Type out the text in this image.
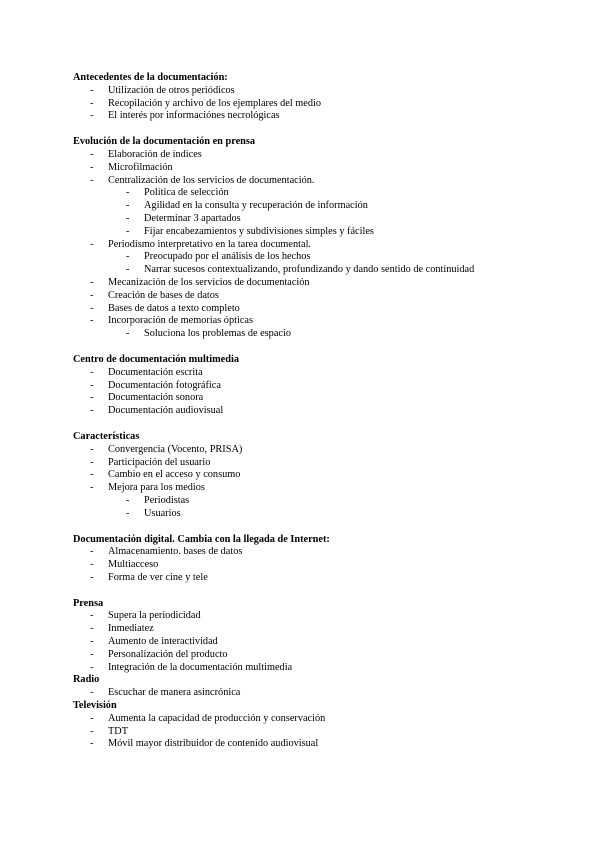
Antecedentes de la documentación:
- Utilización de otros periódicos
- Recopilación y archivo de los ejemplares del medio
- El interés por informaciónes necrológicas
Evolución de la documentación en prensa
- Elaboración de índices
- Microfilmación
- Centralización de los servicios de documentación.
- Política de selección
- Agilidad en la consulta y recuperación de información
- Determinar 3 apartados
- Fijar encabezamientos y subdivisiones simples y fáciles
- Periodismo interpretativo en la tarea documental.
- Preocupado por el análisis de los hechos
- Narrar sucesos contextualizando, profundizando y dando sentido de continuidad
- Mecanización de los servicios de documentación
- Creación de bases de datos
- Bases de datos a texto completo
- Incorporación de memorias ópticas
- Soluciona los problemas de espacio
Centro de documentación multimedia
- Documentación escrita
- Documentación fotográfica
- Documentación sonora
- Documentación audiovisual
Características
- Convergencia (Vocento, PRISA)
- Participación del usuario
- Cambio en el acceso y consumo
- Mejora para los medios
- Periodistas
- Usuarios
Documentación digital. Cambia con la llegada de Internet:
- Almacenamiento. bases de datos
- Multiacceso
- Forma de ver cine y tele
Prensa
- Supera la periodicidad
- Inmediatez
- Aumento de interactividad
- Personalización del producto
- Integración de la documentación multimedia
Radio
- Escuchar de manera asincrónica
Televisión
- Aumenta la capacidad de producción y conservación
- TDT
- Móvil mayor distribuidor de contenido audiovisual
